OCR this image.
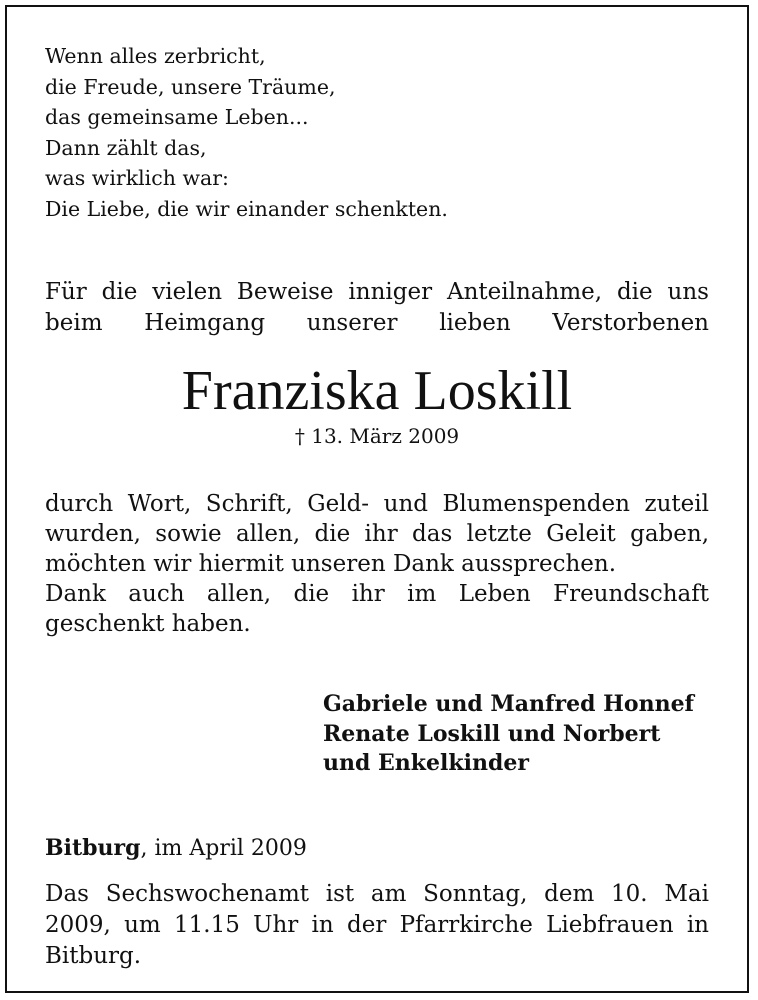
Wenn alles zerbricht,
die Freude, unsere Träume,
das gemeinsame Leben...
Dann zählt das,
was wirklich war:
Die Liebe, die wir einander schenkten.
Für die vielen Beweise inniger Anteilnahme, die uns
beim Heimgang unserer lieben Verstorbenen
Franziska Loskill
† 13. März 2009
durch Wort, Schrift, Geld- und Blumenspenden zuteil
wurden, sowie allen, die ihr das letzte Geleit gaben,
möchten wir hiermit unseren Dank aussprechen.
Dank auch allen, die ihr im Leben Freundschaft
geschenkt haben.
Gabriele und Manfred Honnef
Renate Loskill und Norbert
und Enkelkinder
Bitburg, im April 2009
Das Sechswochenamt ist am Sonntag, dem 10. Mai
2009, um 11.15 Uhr in der Pfarrkirche Liebfrauen in
Bitburg.
